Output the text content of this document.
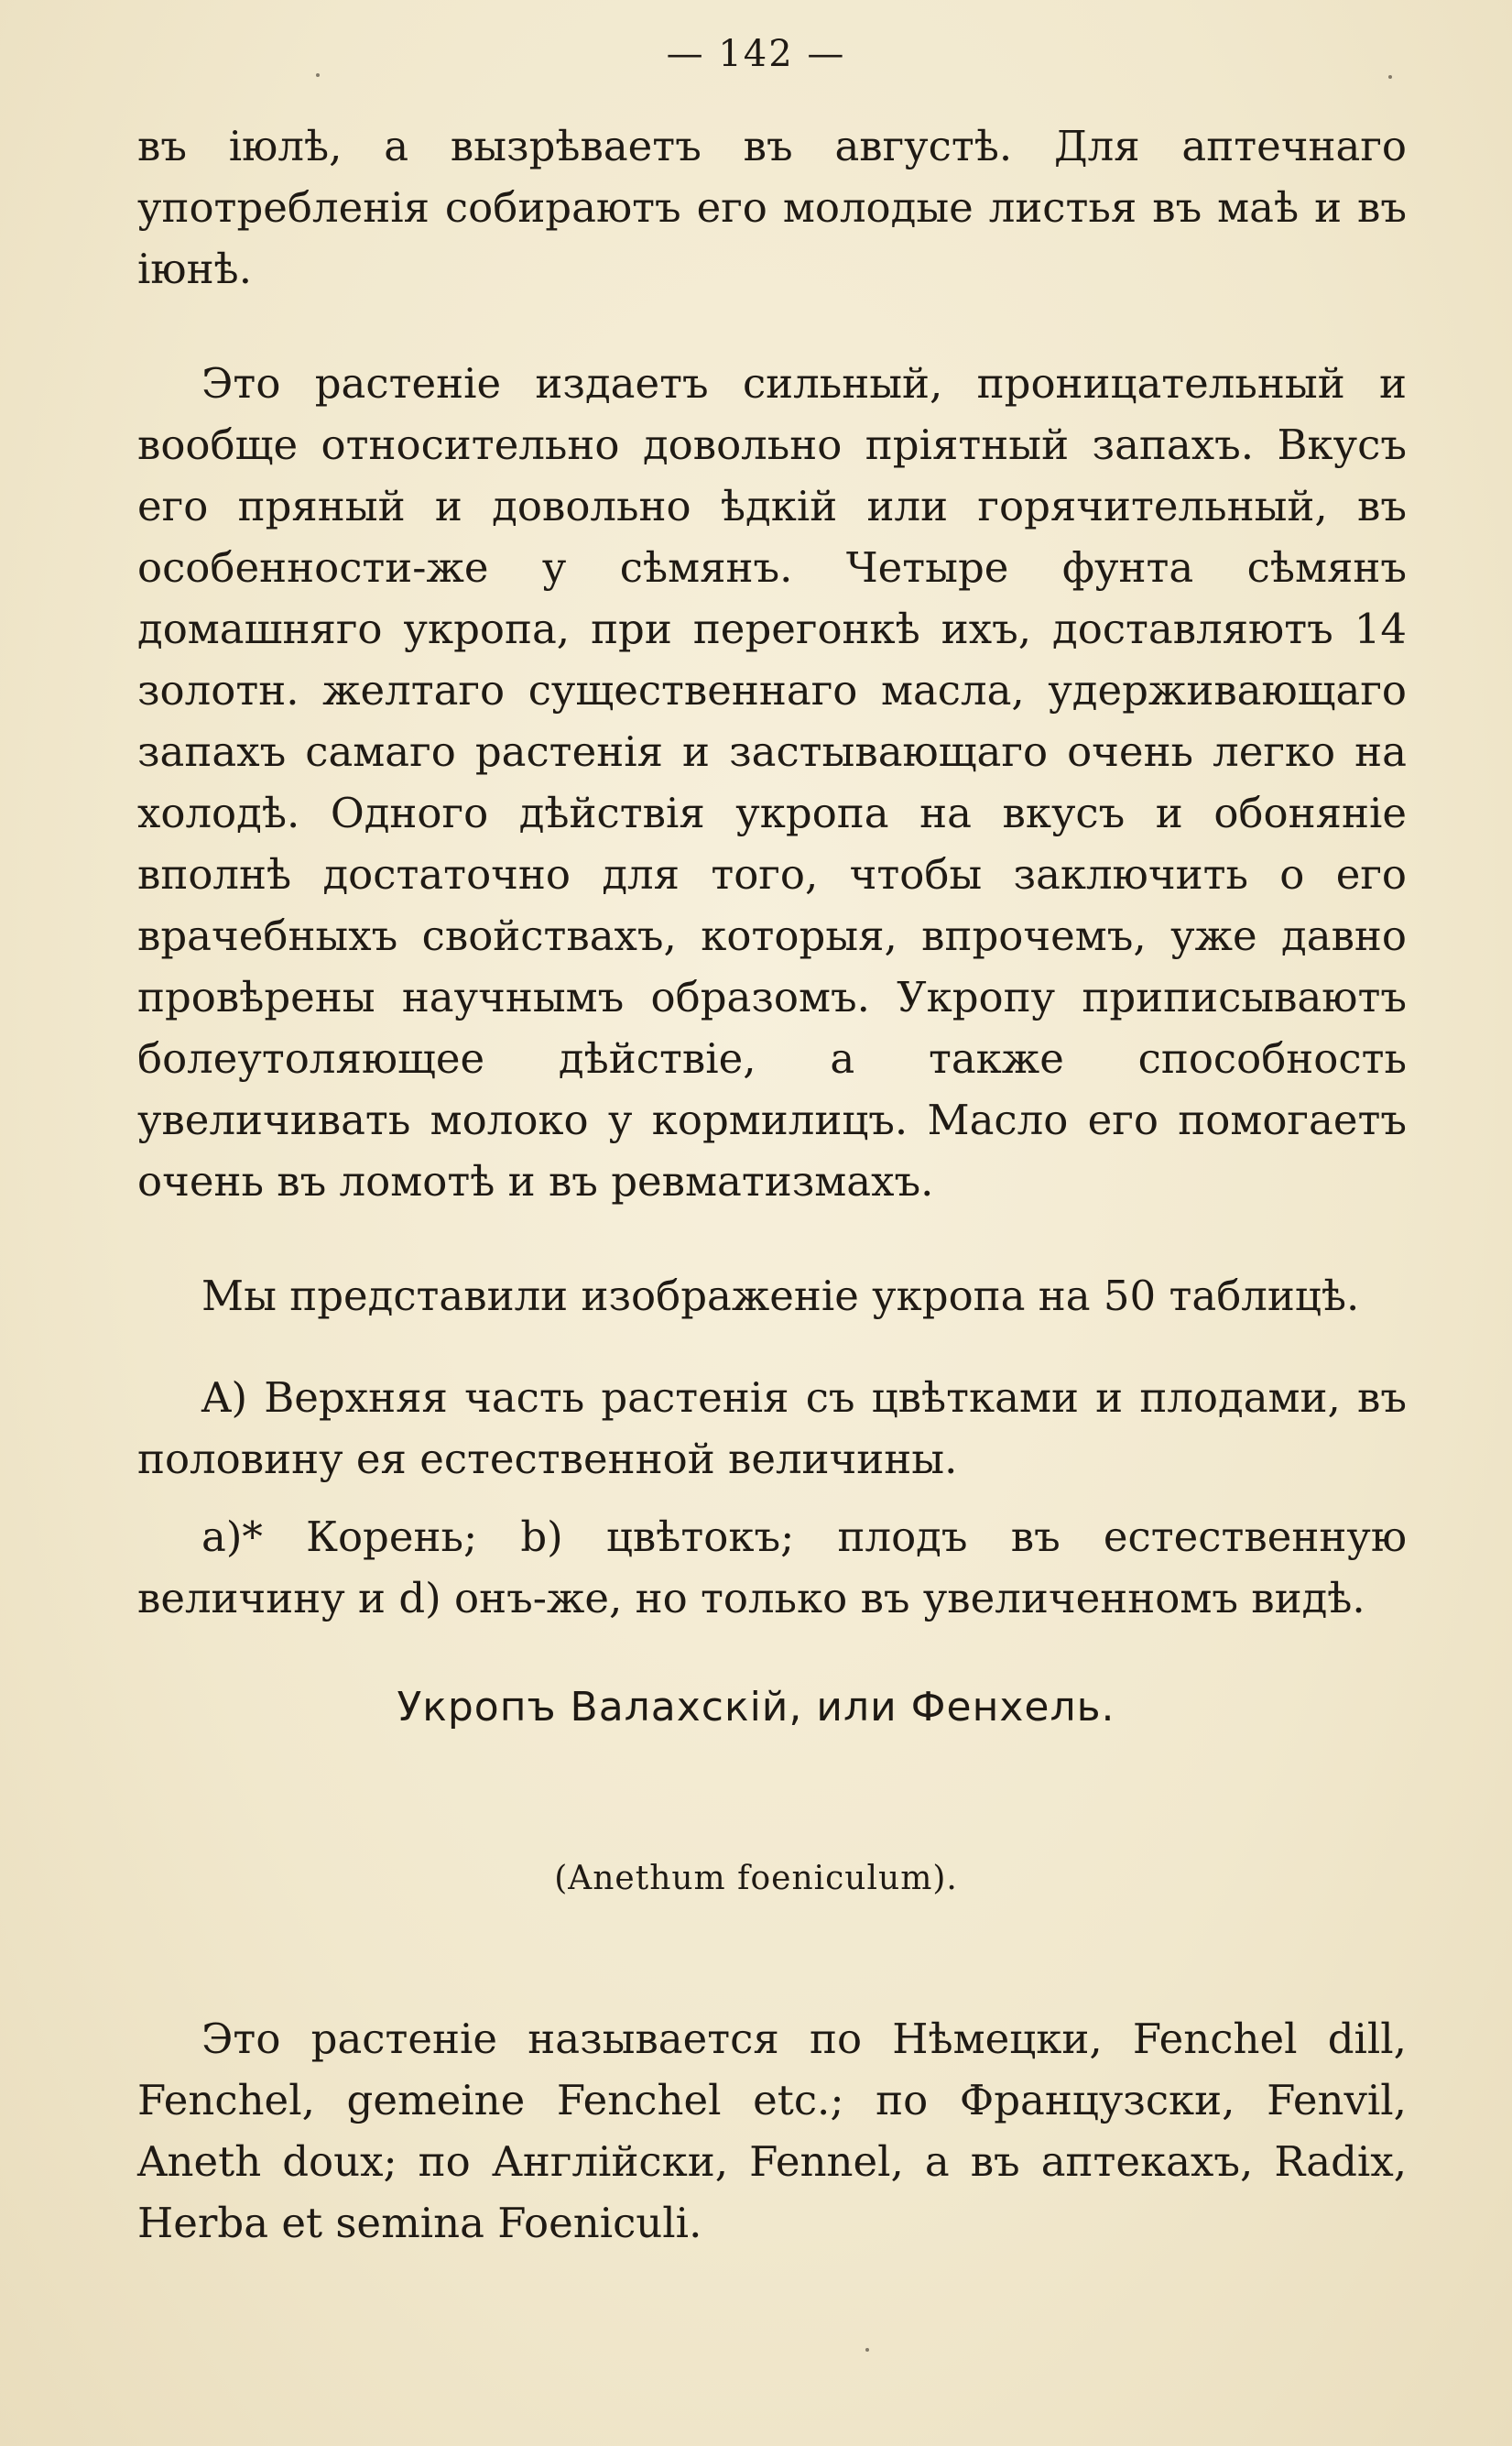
— 142 —

въ іюлѣ, а вызрѣваетъ въ августѣ. Для аптечнаго употребленія собираютъ его молодые листья въ маѣ и въ іюнѣ.

Это растеніе издаетъ сильный, проницательный и вообще относительно довольно пріятный запахъ. Вкусъ его пряный и довольно ѣдкій или горячительный, въ особенности-же у сѣмянъ. Четыре фунта сѣмянъ домашняго укропа, при перегонкѣ ихъ, доставляютъ 14 золотн. желтаго существеннаго масла, удерживающаго запахъ самаго растенія и застывающаго очень легко на холодѣ. Одного дѣйствія укропа на вкусъ и обоняніе вполнѣ достаточно для того, чтобы заключить о его врачебныхъ свойствахъ, которыя, впрочемъ, уже давно провѣрены научнымъ образомъ. Укропу приписываютъ болеутоляющее дѣйствіе, а также способность увеличивать молоко у кормилицъ. Масло его помогаетъ очень въ ломотѣ и въ ревматизмахъ.

Мы представили изображеніе укропа на 50 таблицѣ.

A) Верхняя часть растенія съ цвѣтками и плодами, въ половину ея естественной величины.

a)* Корень; b) цвѣтокъ; плодъ въ естественную величину и d) онъ-же, но только въ увеличенномъ видѣ.

Укропъ Валахскій, или Фенхель.
(Anethum foeniculum).

Это растеніе называется по Нѣмецки, Fenchel dill, Fenchel, gemeine Fenchel etc.; по Французски, Fenvil, Aneth doux; по Англійски, Fennel, а въ аптекахъ, Radix, Herba et semina Foeniculi.
